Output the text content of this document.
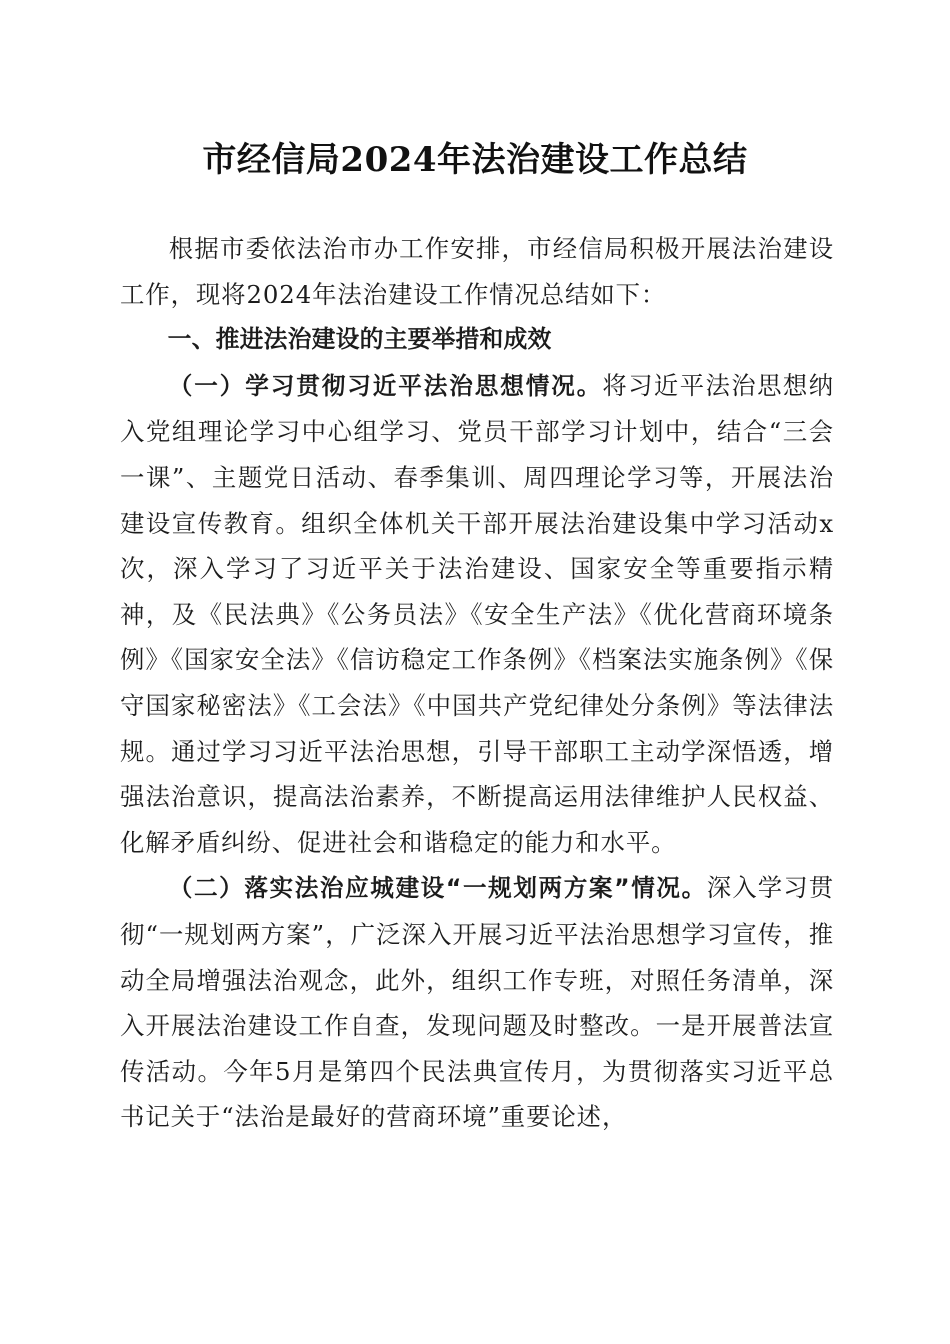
市经信局2024年法治建设工作总结

根据市委依法治市办工作安排，市经信局积极开展法治建设工作，现将2024年法治建设工作情况总结如下：

一、推进法治建设的主要举措和成效

（一）学习贯彻习近平法治思想情况。将习近平法治思想纳入党组理论学习中心组学习、党员干部学习计划中，结合“三会一课”、主题党日活动、春季集训、周四理论学习等，开展法治建设宣传教育。组织全体机关干部开展法治建设集中学习活动x次，深入学习了习近平关于法治建设、国家安全等重要指示精神，及《民法典》《公务员法》《安全生产法》《优化营商环境条例》《国家安全法》《信访稳定工作条例》《档案法实施条例》《保守国家秘密法》《工会法》《中国共产党纪律处分条例》等法律法规。通过学习习近平法治思想，引导干部职工主动学深悟透，增强法治意识，提高法治素养，不断提高运用法律维护人民权益、化解矛盾纠纷、促进社会和谐稳定的能力和水平。

（二）落实法治应城建设“一规划两方案”情况。深入学习贯彻“一规划两方案”，广泛深入开展习近平法治思想学习宣传，推动全局增强法治观念，此外，组织工作专班，对照任务清单，深入开展法治建设工作自查，发现问题及时整改。一是开展普法宣传活动。今年5月是第四个民法典宣传月，为贯彻落实习近平总书记关于“法治是最好的营商环境”重要论述，
